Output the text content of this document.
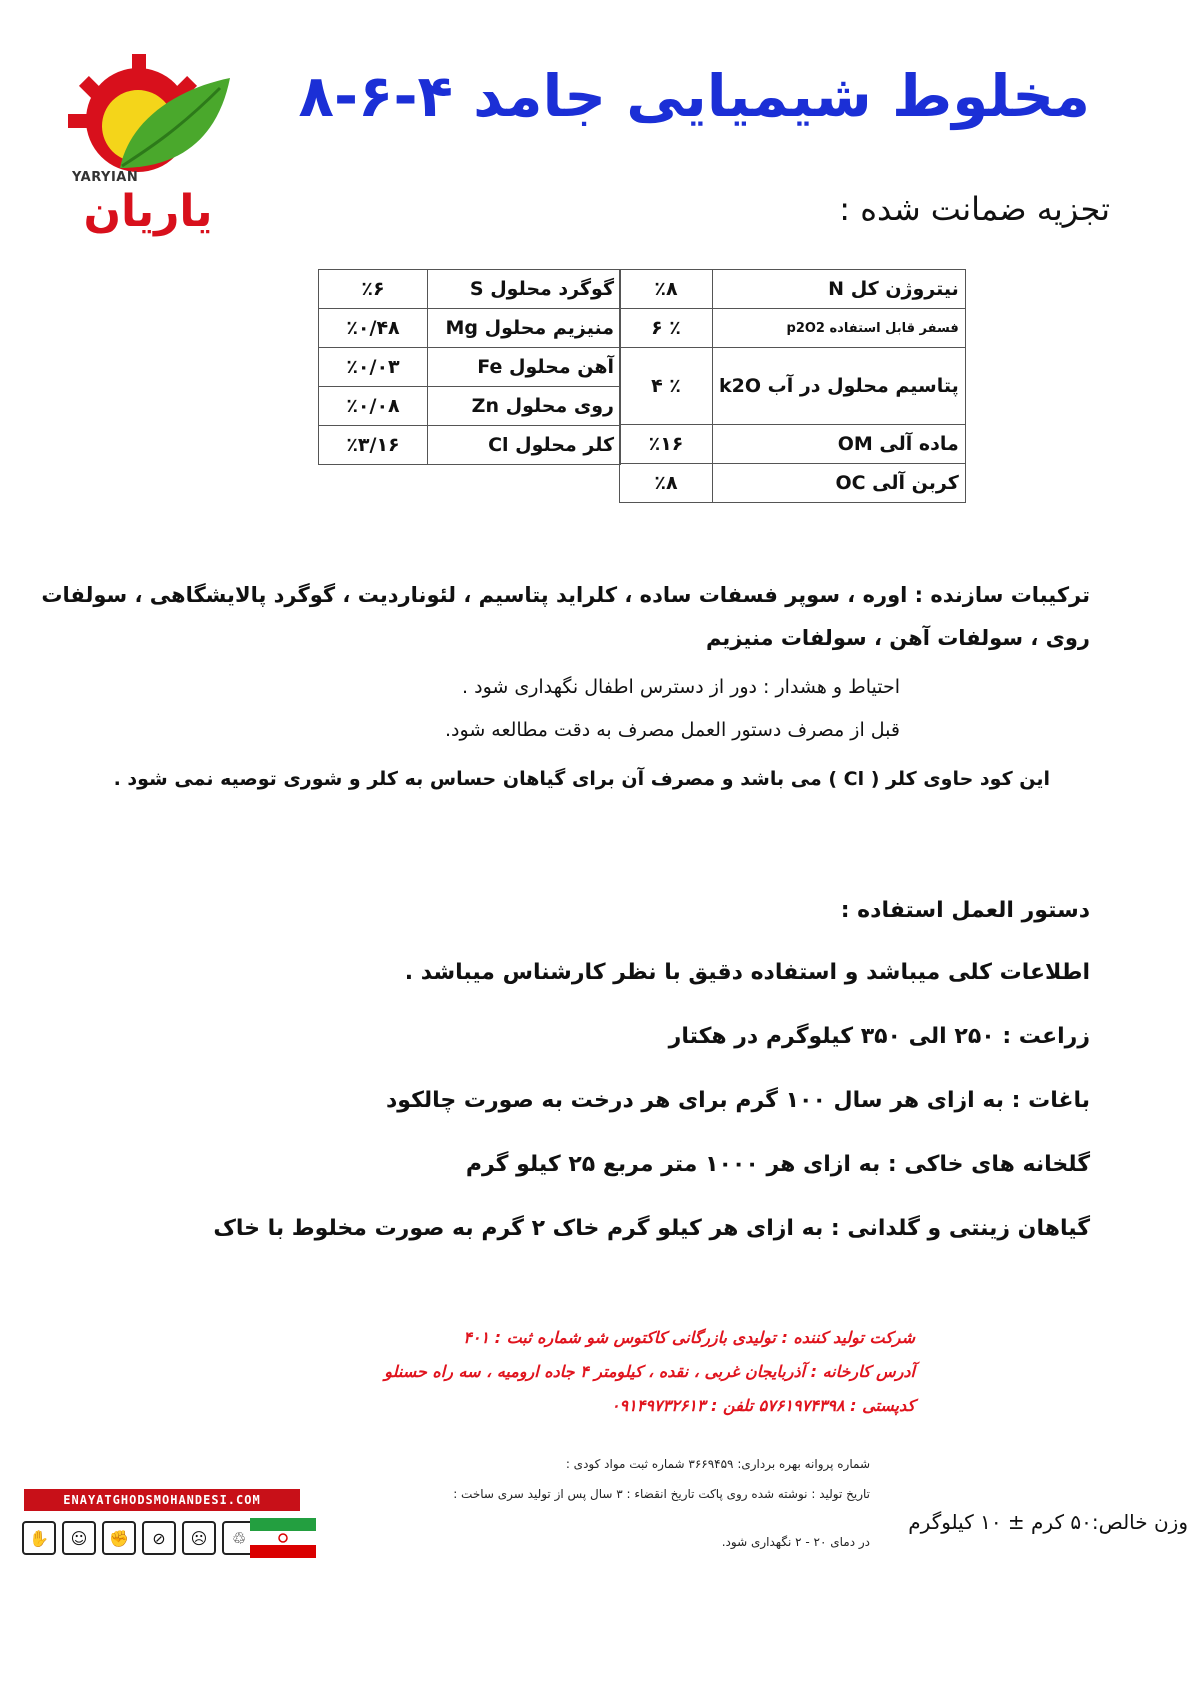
YARYIAN
یاریان
مخلوط شیمیایی جامد ۴-۶-۸
تجزیه ضمانت شده :
نیتروژن کل N	٪۸
فسفر قابل استفاده p2O2	٪ ۶
پتاسیم محلول در آب k2O	٪ ۴
ماده آلی OM	٪۱۶
کربن آلی OC	٪۸
گوگرد محلول S	٪۶
منیزیم محلول Mg	٪۰/۴۸
آهن محلول Fe	٪۰/۰۳
روی محلول Zn	٪۰/۰۸
کلر محلول Cl	٪۳/۱۶
ترکیبات سازنده : اوره ، سوپر فسفات ساده ، کلراید پتاسیم ، لئوناردیت ، گوگرد پالایشگاهی ، سولفات روی ، سولفات آهن ، سولفات منیزیم
احتیاط و هشدار : دور از دسترس اطفال نگهداری شود .
قبل از مصرف دستور العمل مصرف به دقت مطالعه شود.
این کود حاوی کلر ( Cl ) می باشد و مصرف آن برای گیاهان حساس به کلر و شوری توصیه نمی شود .
دستور العمل استفاده :
اطلاعات کلی میباشد و استفاده دقیق با نظر کارشناس میباشد .
زراعت : ۲۵۰ الی ۳۵۰ کیلوگرم در هکتار
باغات : به ازای هر سال ۱۰۰ گرم برای هر درخت به صورت چالکود
گلخانه های خاکی : به ازای هر ۱۰۰۰ متر مربع ۲۵ کیلو گرم
گیاهان زینتی و گلدانی : به ازای هر کیلو گرم خاک ۲ گرم به صورت مخلوط با خاک
شرکت تولید کننده : تولیدی بازرگانی کاکتوس شو شماره ثبت : ۴۰۱
آدرس کارخانه : آذربایجان غربی ، نقده ، کیلومتر ۴ جاده ارومیه ، سه راه حسنلو
کدپستی : ۵۷۶۱۹۷۴۳۹۸ تلفن : ۰۹۱۴۹۷۳۲۶۱۳
شماره پروانه بهره برداری: ۳۶۶۹۴۵۹ شماره ثبت مواد کودی :
تاریخ تولید : نوشته شده روی پاکت تاریخ انقضاء : ۳ سال پس از تولید سری ساخت :
در دمای ۲۰ - ۲ نگهداری شود.
وزن خالص:۵۰ کرم ± ۱۰ کیلوگرم
ENAYATGHODSMOHANDESI.COM
✋	☺	✊	⊘	☹	♲
